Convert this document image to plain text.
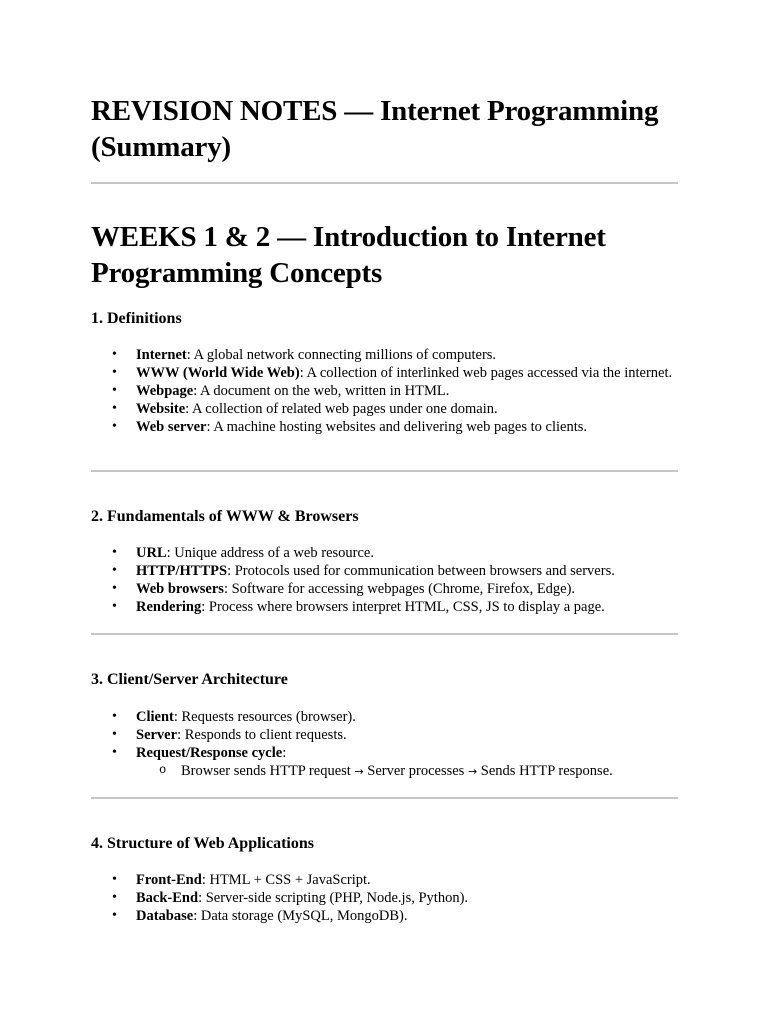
REVISION NOTES — Internet Programming (Summary)
WEEKS 1 & 2 — Introduction to Internet Programming Concepts
1. Definitions
• Internet: A global network connecting millions of computers.
• WWW (World Wide Web): A collection of interlinked web pages accessed via the internet.
• Webpage: A document on the web, written in HTML.
• Website: A collection of related web pages under one domain.
• Web server: A machine hosting websites and delivering web pages to clients.
2. Fundamentals of WWW & Browsers
• URL: Unique address of a web resource.
• HTTP/HTTPS: Protocols used for communication between browsers and servers.
• Web browsers: Software for accessing webpages (Chrome, Firefox, Edge).
• Rendering: Process where browsers interpret HTML, CSS, JS to display a page.
3. Client/Server Architecture
• Client: Requests resources (browser).
• Server: Responds to client requests.
• Request/Response cycle:
o Browser sends HTTP request → Server processes → Sends HTTP response.
4. Structure of Web Applications
• Front-End: HTML + CSS + JavaScript.
• Back-End: Server-side scripting (PHP, Node.js, Python).
• Database: Data storage (MySQL, MongoDB).
